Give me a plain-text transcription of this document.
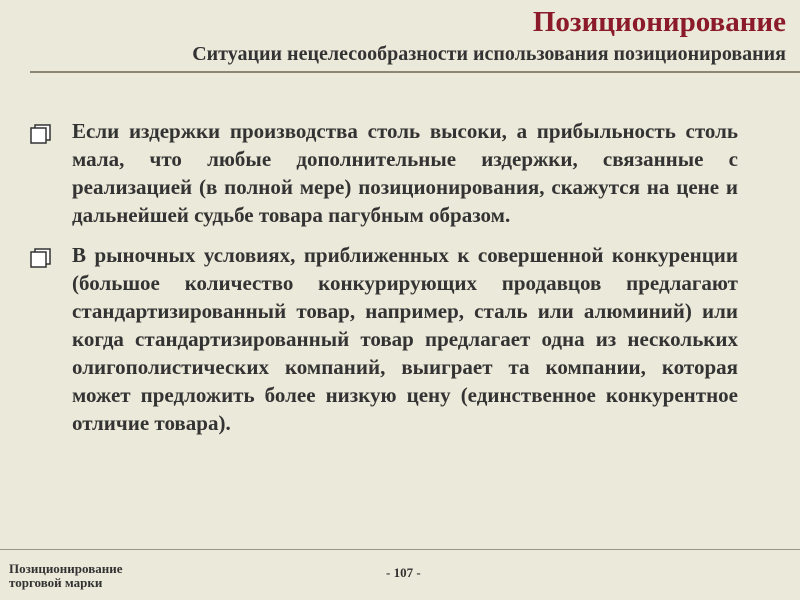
Позиционирование
Ситуации нецелесообразности использования позиционирования

Если издержки производства столь высоки, а прибыльность столь мала, что любые дополнительные издержки, связанные с реализацией (в полной мере) позиционирования, скажутся на цене и дальнейшей судьбе товара пагубным образом.

В рыночных условиях, приближенных к совершенной конкуренции (большое количество конкурирующих продавцов предлагают стандартизированный товар, например, сталь или алюминий) или когда стандартизированный товар предлагает одна из нескольких олигополистических компаний, выиграет та компании, которая может предложить более низкую цену (единственное конкурентное отличие товара).

Позиционирование
торговой марки
- 107 -
